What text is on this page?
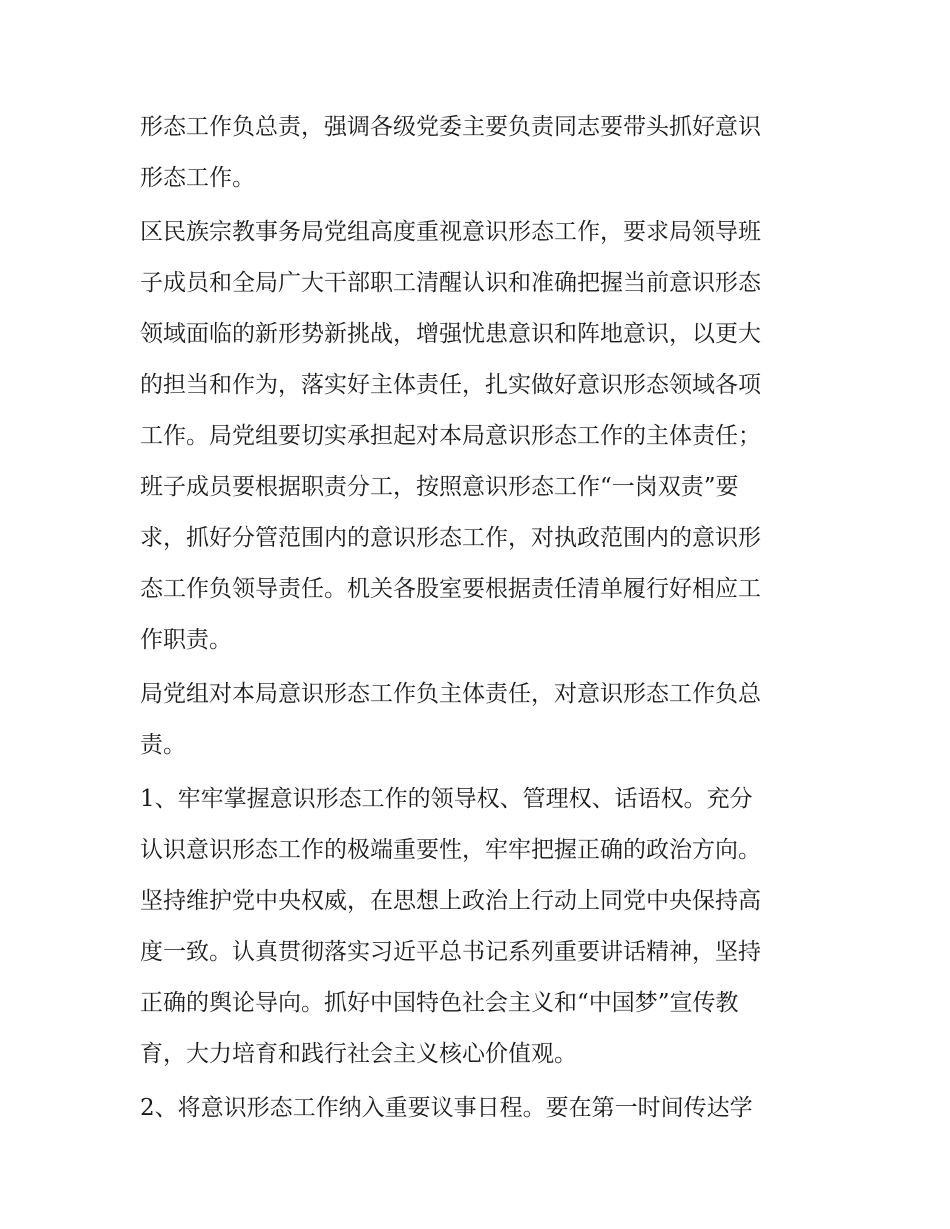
形态工作负总责，强调各级党委主要负责同志要带头抓好意识
形态工作。

区民族宗教事务局党组高度重视意识形态工作，要求局领导班
子成员和全局广大干部职工清醒认识和准确把握当前意识形态
领域面临的新形势新挑战，增强忧患意识和阵地意识，以更大
的担当和作为，落实好主体责任，扎实做好意识形态领域各项
工作。局党组要切实承担起对本局意识形态工作的主体责任；
班子成员要根据职责分工，按照意识形态工作“一岗双责”要
求，抓好分管范围内的意识形态工作，对执政范围内的意识形
态工作负领导责任。机关各股室要根据责任清单履行好相应工
作职责。

局党组对本局意识形态工作负主体责任，对意识形态工作负总
责。

1、牢牢掌握意识形态工作的领导权、管理权、话语权。充分
认识意识形态工作的极端重要性，牢牢把握正确的政治方向。
坚持维护党中央权威，在思想上政治上行动上同党中央保持高
度一致。认真贯彻落实习近平总书记系列重要讲话精神，坚持
正确的舆论导向。抓好中国特色社会主义和“中国梦”宣传教
育，大力培育和践行社会主义核心价值观。

2、将意识形态工作纳入重要议事日程。要在第一时间传达学
